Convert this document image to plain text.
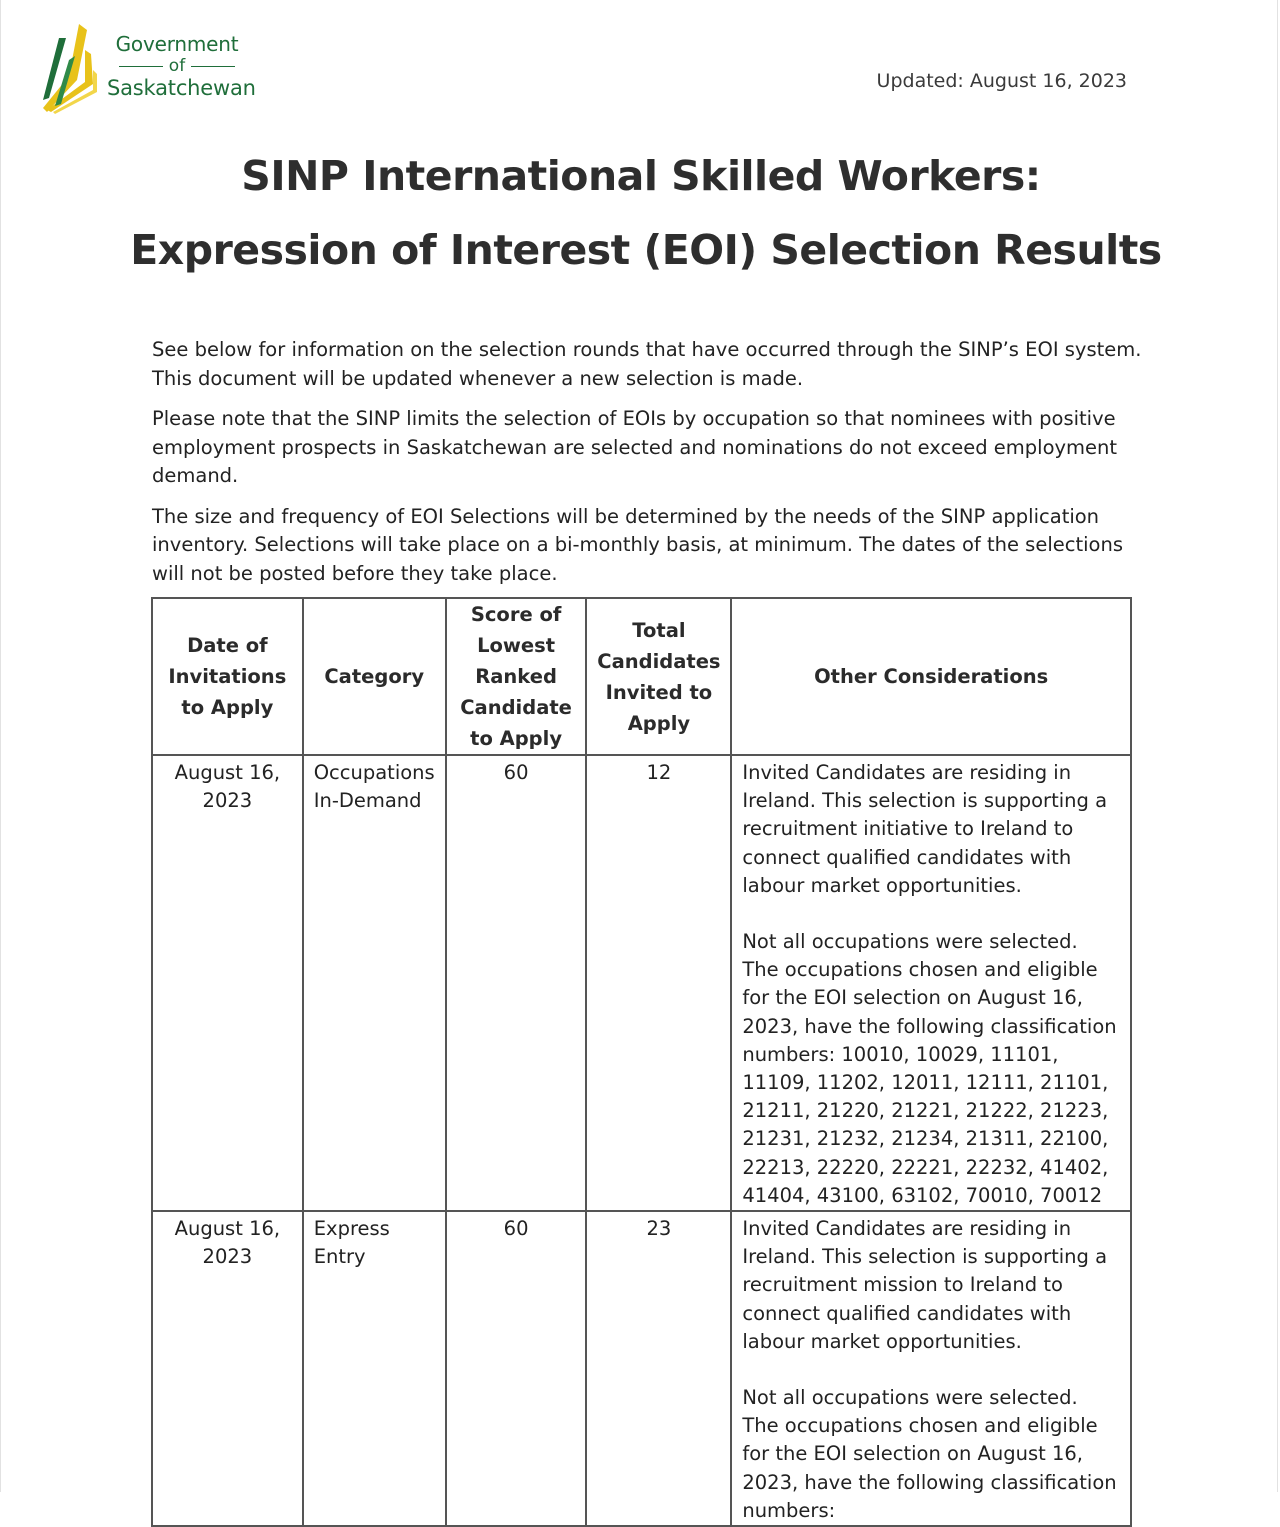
Government
of
Saskatchewan	Updated: August 16, 2023
SINP International Skilled Workers:
Expression of Interest (EOI) Selection Results

See below for information on the selection rounds that have occurred through the SINP’s EOI system. This document will be updated whenever a new selection is made.

Please note that the SINP limits the selection of EOIs by occupation so that nominees with positive employment prospects in Saskatchewan are selected and nominations do not exceed employment demand.

The size and frequency of EOI Selections will be determined by the needs of the SINP application inventory. Selections will take place on a bi-monthly basis, at minimum. The dates of the selections will not be posted before they take place.

Date of Invitations to Apply	Category	Score of Lowest Ranked Candidate to Apply	Total Candidates Invited to Apply	Other Considerations
August 16, 2023	Occupations In-Demand	60	12	Invited Candidates are residing in Ireland. This selection is supporting a recruitment initiative to Ireland to connect qualified candidates with labour market opportunities.
Not all occupations were selected. The occupations chosen and eligible for the EOI selection on August 16, 2023, have the following classification numbers: 10010, 10029, 11101, 11109, 11202, 12011, 12111, 21101, 21211, 21220, 21221, 21222, 21223, 21231, 21232, 21234, 21311, 22100, 22213, 22220, 22221, 22232, 41402, 41404, 43100, 63102, 70010, 70012

August 16, 2023	Express Entry	60	23	Invited Candidates are residing in Ireland. This selection is supporting a recruitment mission to Ireland to connect qualified candidates with labour market opportunities.
Not all occupations were selected. The occupations chosen and eligible for the EOI selection on August 16, 2023, have the following classification numbers:
